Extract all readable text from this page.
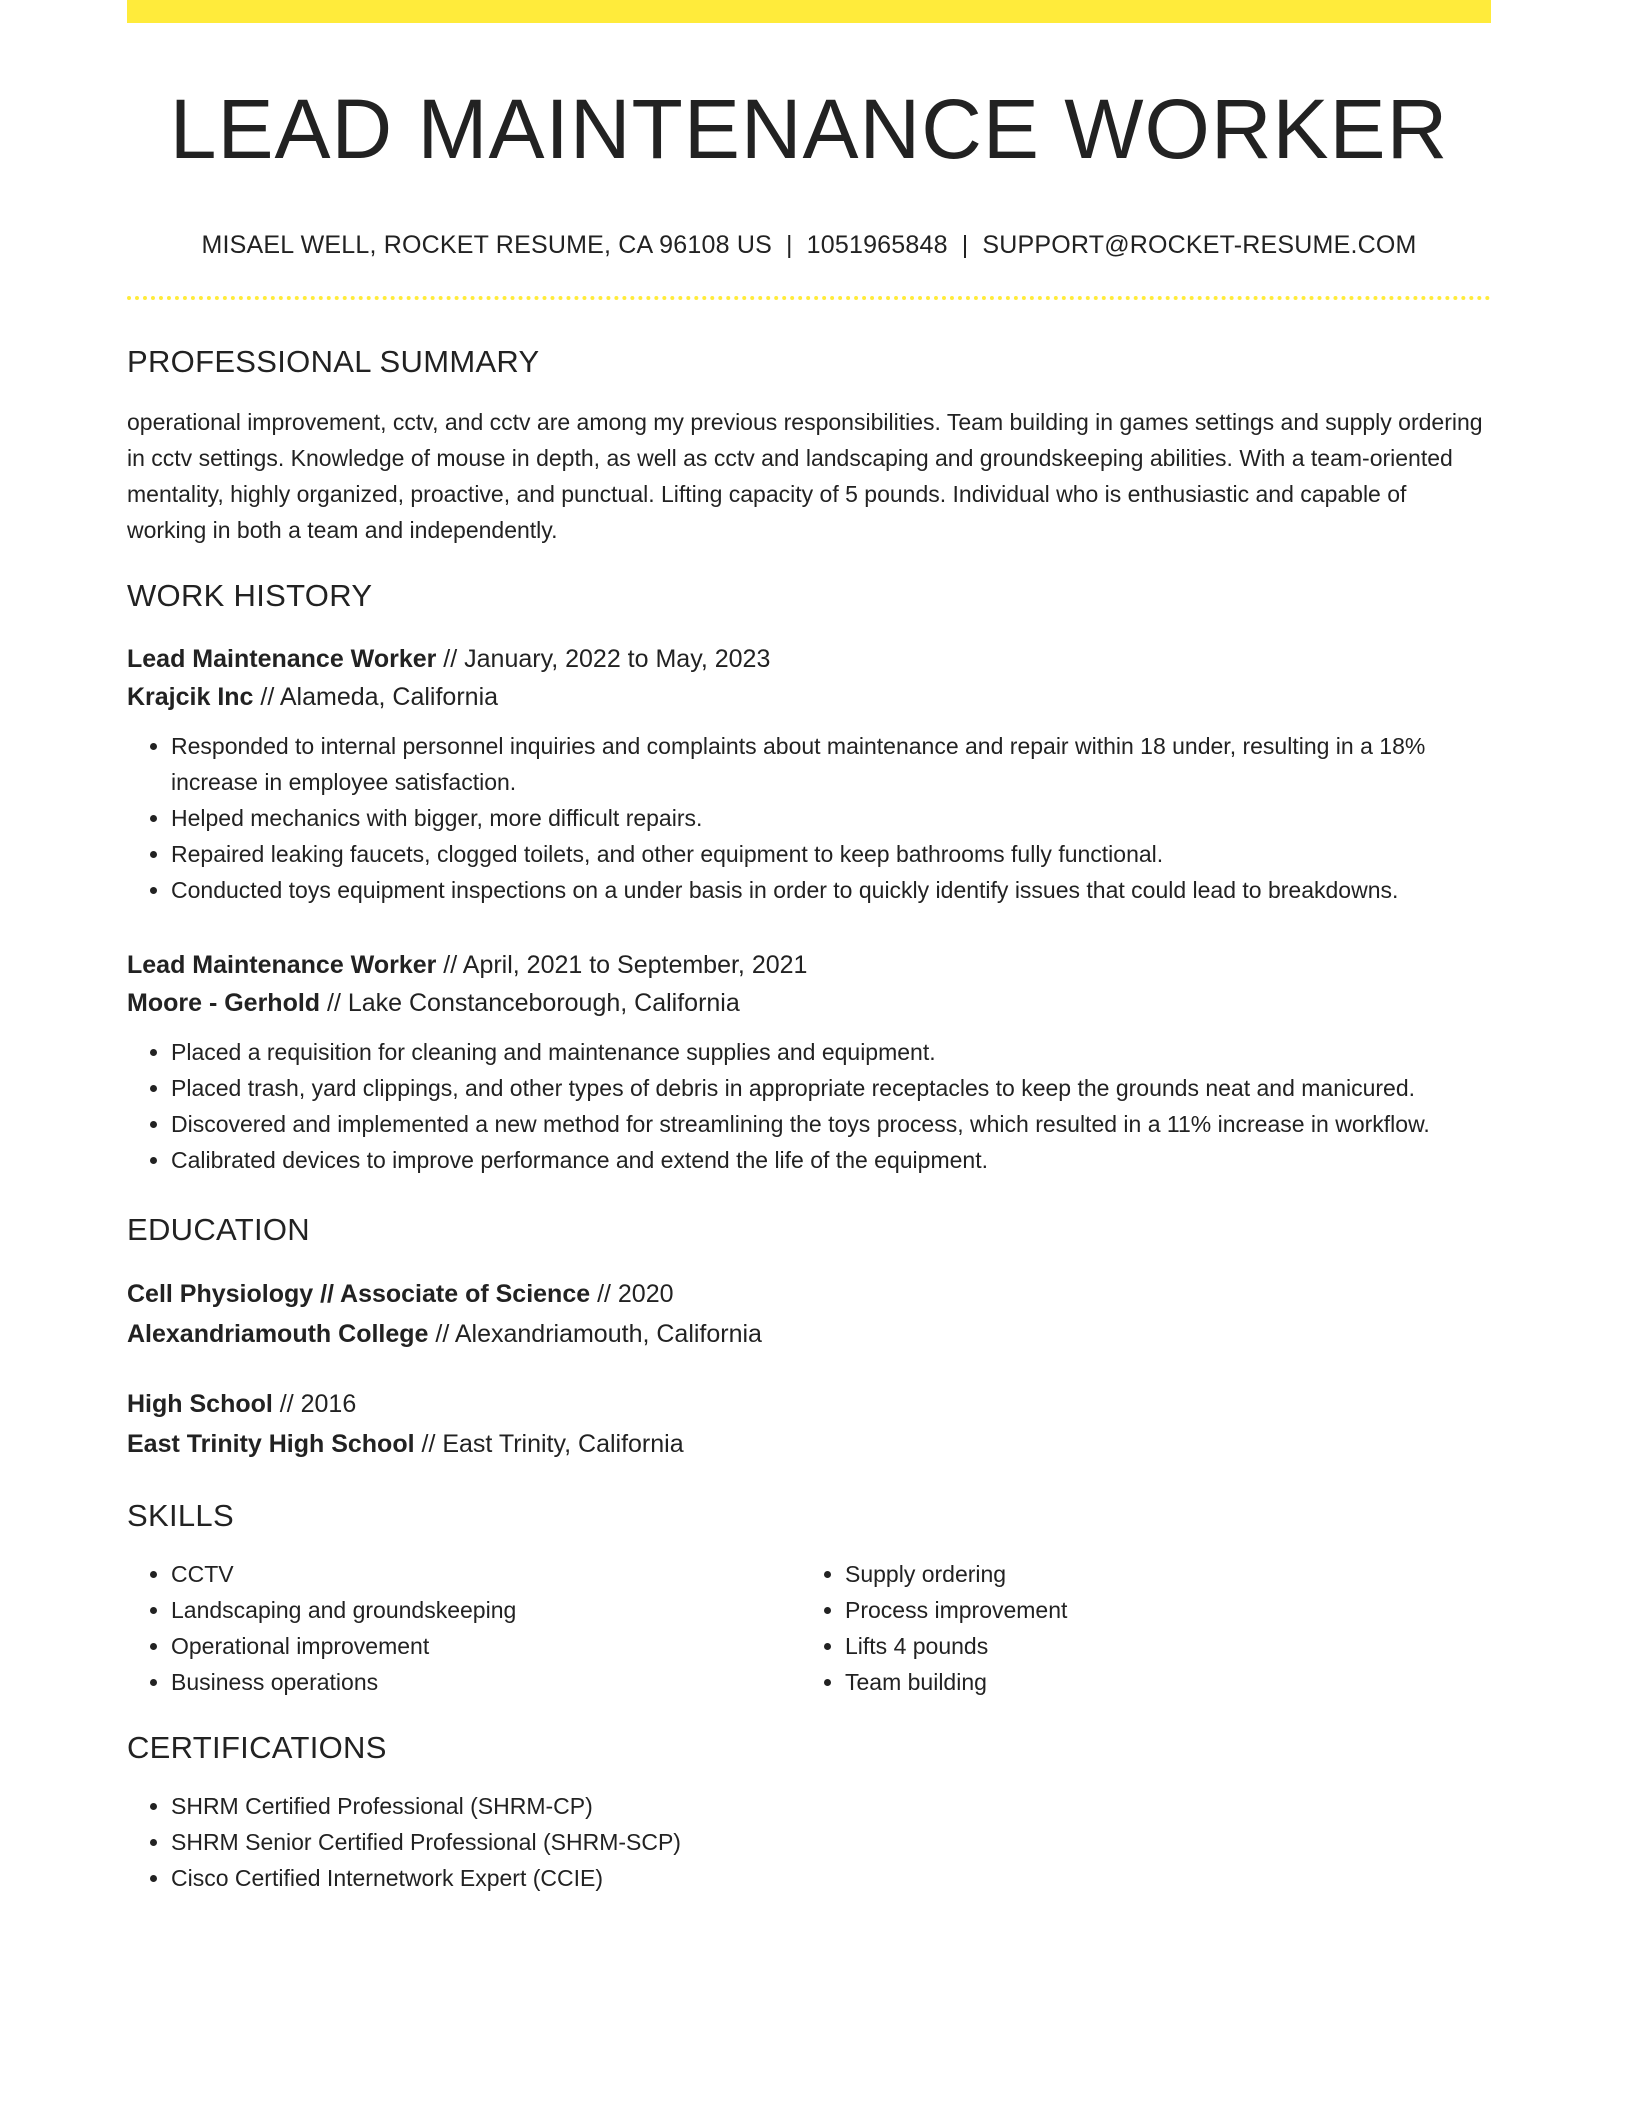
LEAD MAINTENANCE WORKER
MISAEL WELL, ROCKET RESUME, CA 96108 US | 1051965848 | SUPPORT@ROCKET-RESUME.COM
PROFESSIONAL SUMMARY

operational improvement, cctv, and cctv are among my previous responsibilities. Team building in games settings and supply ordering in cctv settings. Knowledge of mouse in depth, as well as cctv and landscaping and groundskeeping abilities. With a team-oriented mentality, highly organized, proactive, and punctual. Lifting capacity of 5 pounds. Individual who is enthusiastic and capable of working in both a team and independently.

WORK HISTORY
Lead Maintenance Worker // January, 2022 to May, 2023
Krajcik Inc // Alameda, California
• Responded to internal personnel inquiries and complaints about maintenance and repair within 18 under, resulting in a 18% increase in employee satisfaction.
• Helped mechanics with bigger, more difficult repairs.
• Repaired leaking faucets, clogged toilets, and other equipment to keep bathrooms fully functional.
• Conducted toys equipment inspections on a under basis in order to quickly identify issues that could lead to breakdowns.
Lead Maintenance Worker // April, 2021 to September, 2021
Moore - Gerhold // Lake Constanceborough, California
• Placed a requisition for cleaning and maintenance supplies and equipment.
• Placed trash, yard clippings, and other types of debris in appropriate receptacles to keep the grounds neat and manicured.
• Discovered and implemented a new method for streamlining the toys process, which resulted in a 11% increase in workflow.
• Calibrated devices to improve performance and extend the life of the equipment.
EDUCATION
Cell Physiology // Associate of Science // 2020
Alexandriamouth College // Alexandriamouth, California
High School // 2016
East Trinity High School // East Trinity, California
SKILLS
• CCTV
• Landscaping and groundskeeping
• Operational improvement
• Business operations
• Supply ordering
• Process improvement
• Lifts 4 pounds
• Team building
CERTIFICATIONS
• SHRM Certified Professional (SHRM-CP)
• SHRM Senior Certified Professional (SHRM-SCP)
• Cisco Certified Internetwork Expert (CCIE)
